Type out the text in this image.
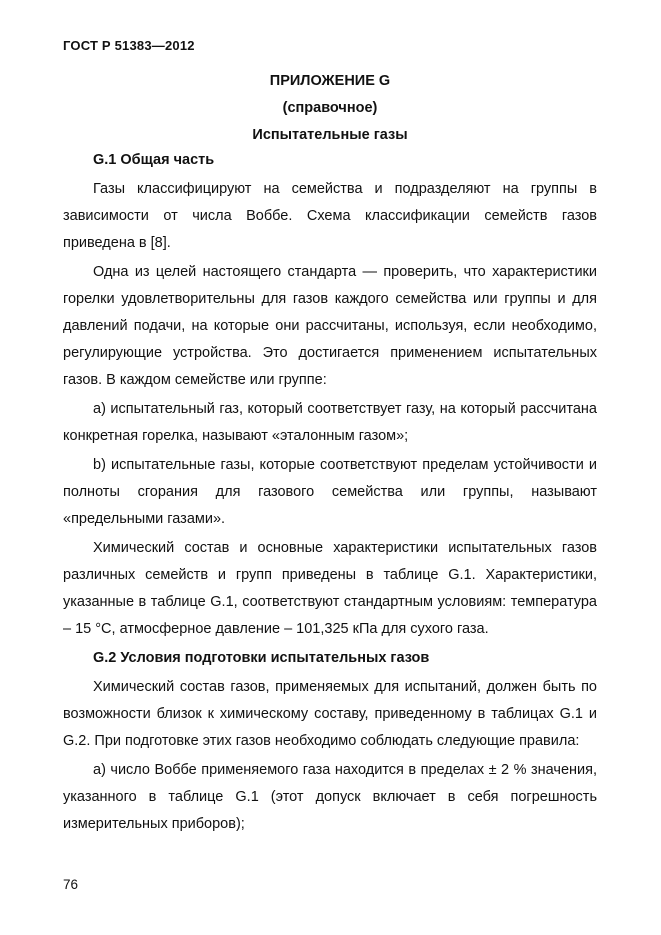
ГОСТ Р 51383—2012
ПРИЛОЖЕНИЕ G
(справочное)
Испытательные газы
G.1 Общая часть
Газы классифицируют на семейства и подразделяют на группы в зависимости от числа Воббе. Схема классификации семейств газов приведена в [8].
Одна из целей настоящего стандарта — проверить, что характеристики горелки удовлетворительны для газов каждого семейства или группы и для давлений подачи, на которые они рассчитаны, используя, если необходимо, регулирующие устройства. Это достигается применением испытательных газов. В каждом семействе или группе:
а) испытательный газ, который соответствует газу, на который рассчитана конкретная горелка, называют «эталонным газом»;
b) испытательные газы, которые соответствуют пределам устойчивости и полноты сгорания для газового семейства или группы, называют «предельными газами».
Химический состав и основные характеристики испытательных газов различных семейств и групп приведены в таблице G.1. Характеристики, указанные в таблице G.1, соответствуют стандартным условиям: температура – 15 °С, атмосферное давление – 101,325 кПа для сухого газа.
G.2 Условия подготовки испытательных газов
Химический состав газов, применяемых для испытаний, должен быть по возможности близок к химическому составу, приведенному в таблицах G.1 и G.2. При подготовке этих газов необходимо соблюдать следующие правила:
а) число Воббе применяемого газа находится в пределах ± 2 % значения, указанного в таблице G.1 (этот допуск включает в себя погрешность измерительных приборов);
76
